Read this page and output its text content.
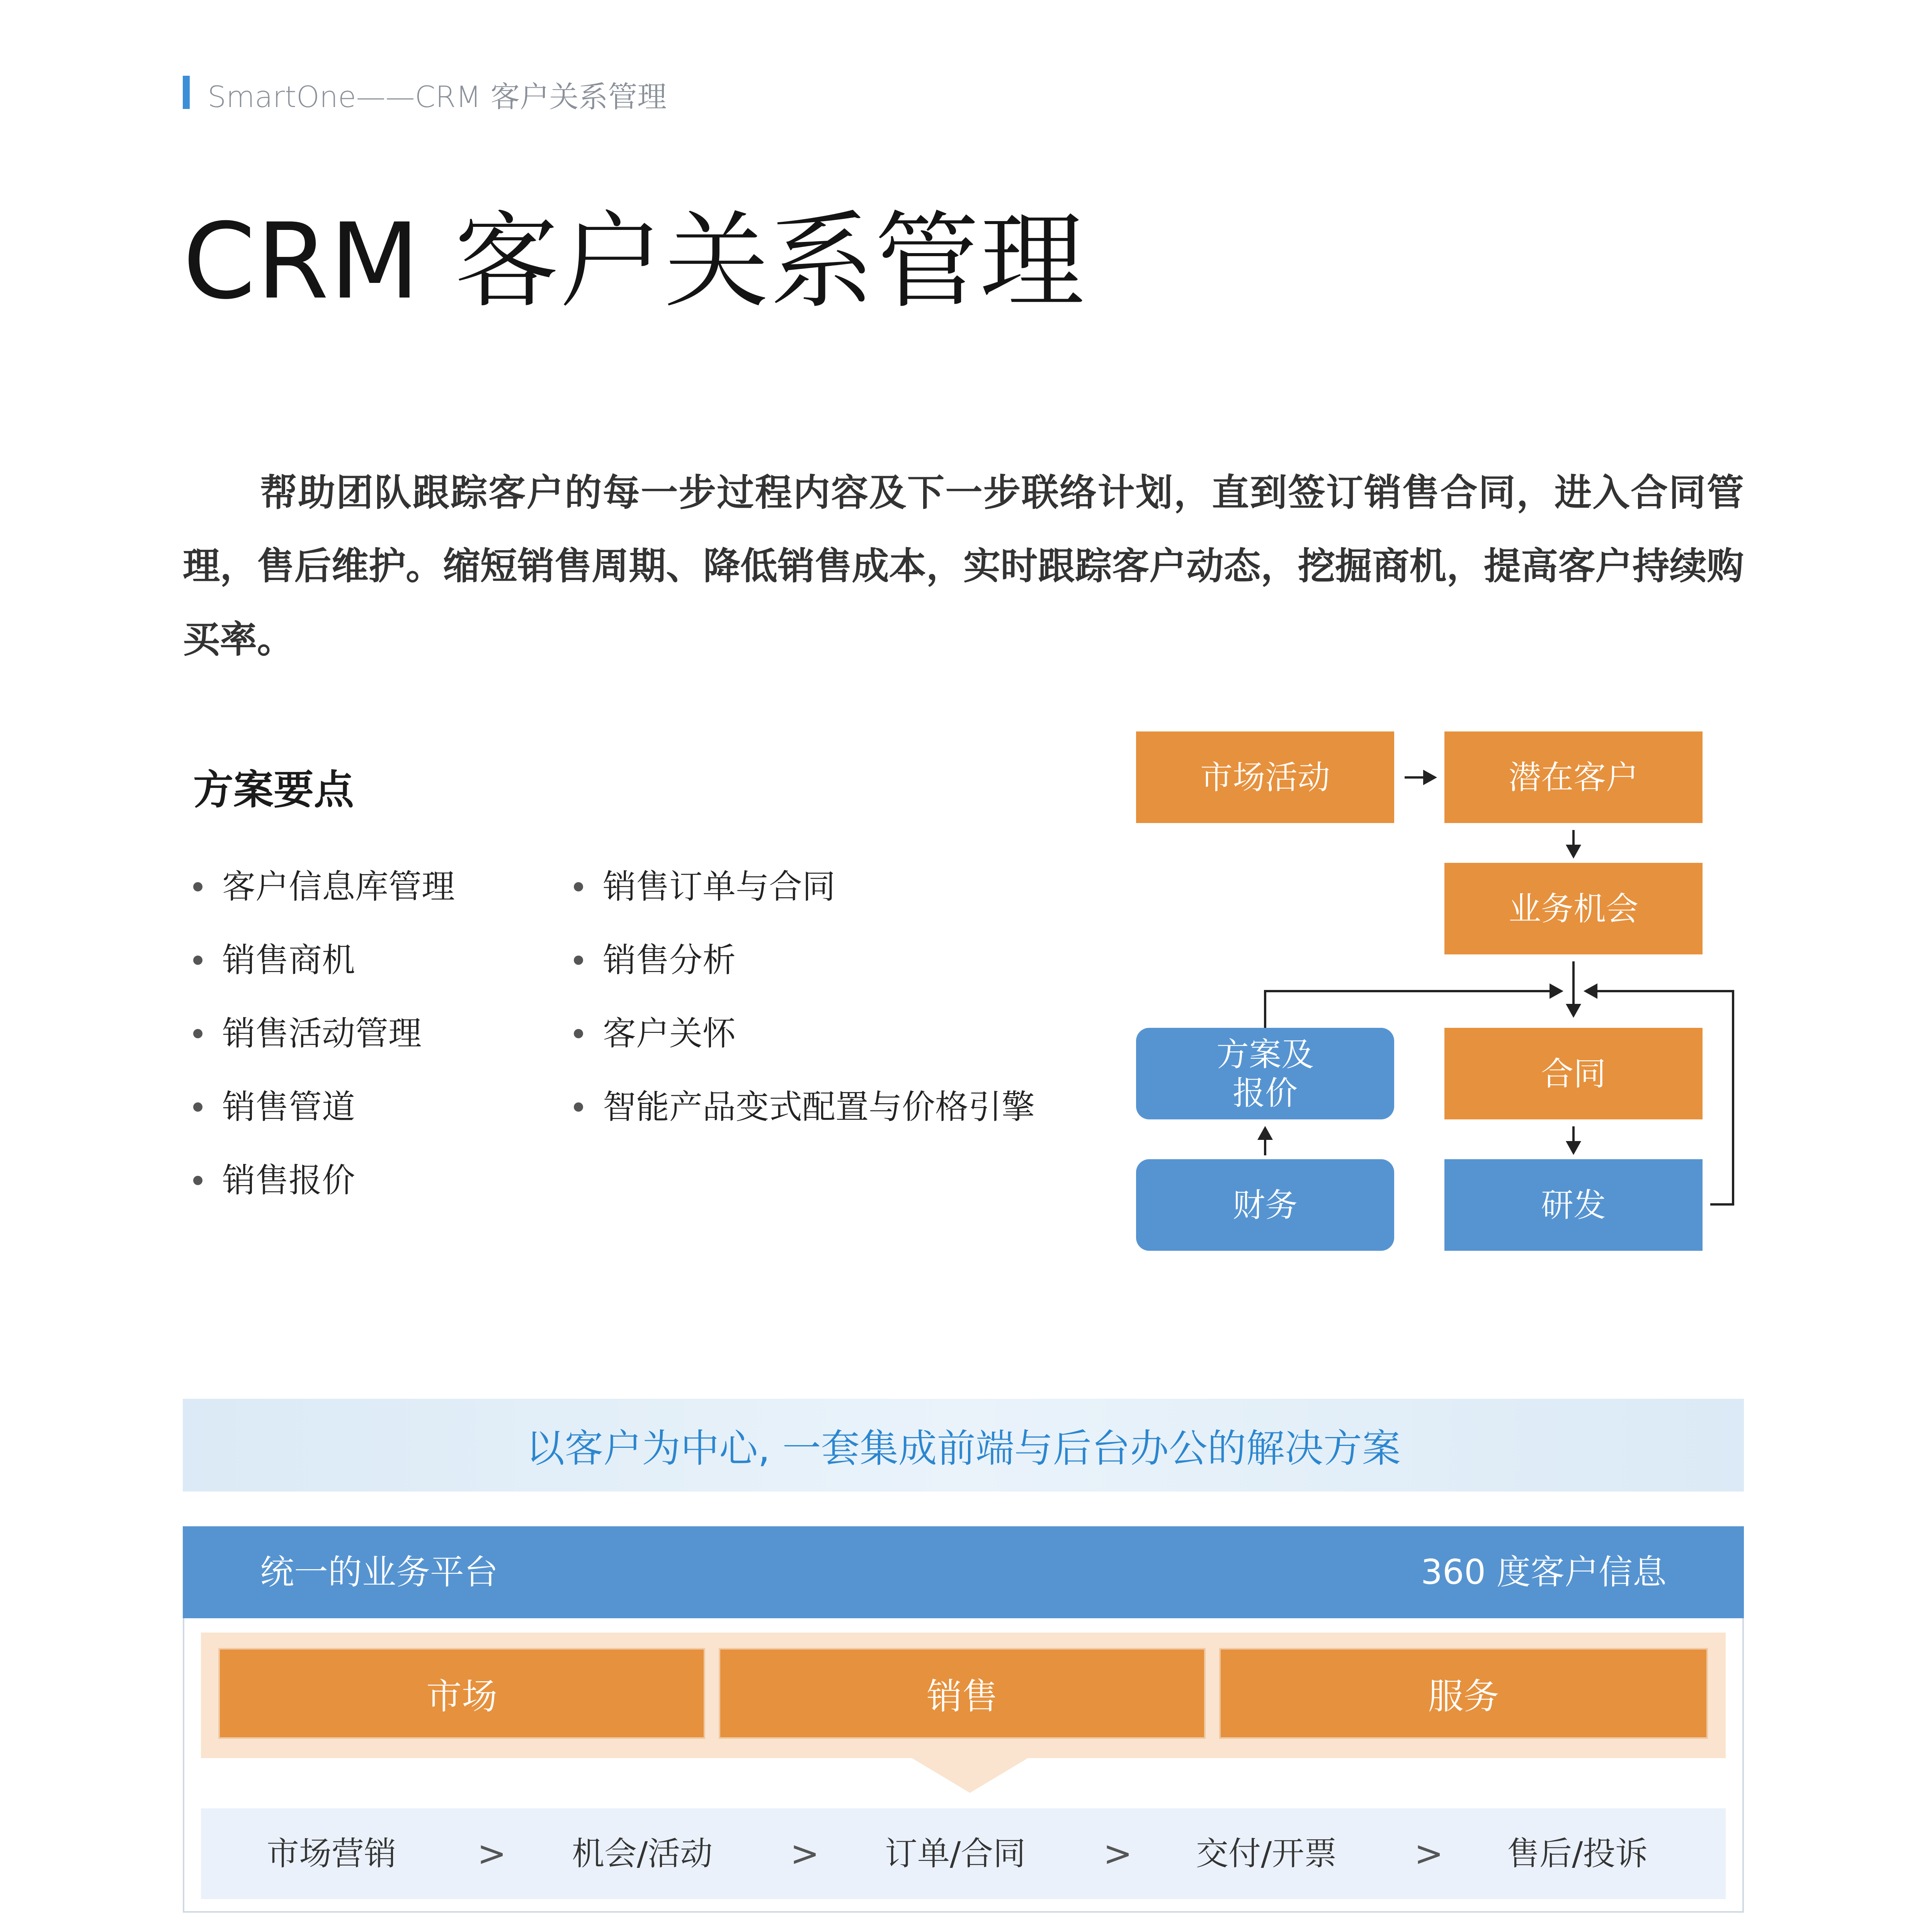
SmartOne——CRM 客户关系管理
CRM 客户关系管理
帮助团队跟踪客户的每一步过程内容及下一步联络计划，直到签订销售合同，进入合同管理，售后维护。缩短销售周期、降低销售成本，实时跟踪客户动态，挖掘商机，提高客户持续购买率。
方案要点
客户信息库管理
销售商机
销售活动管理
销售管道
销售报价
销售订单与合同
销售分析
客户关怀
智能产品变式配置与价格引擎
市场活动	潜在客户
业务机会
方案及
报价
合同
财务	研发
以客户为中心, 一套集成前端与后台办公的解决方案
统一的业务平台	360 度客户信息
市场	销售	服务
市场营销 > 机会/活动 > 订单/合同 > 交付/开票 > 售后/投诉
